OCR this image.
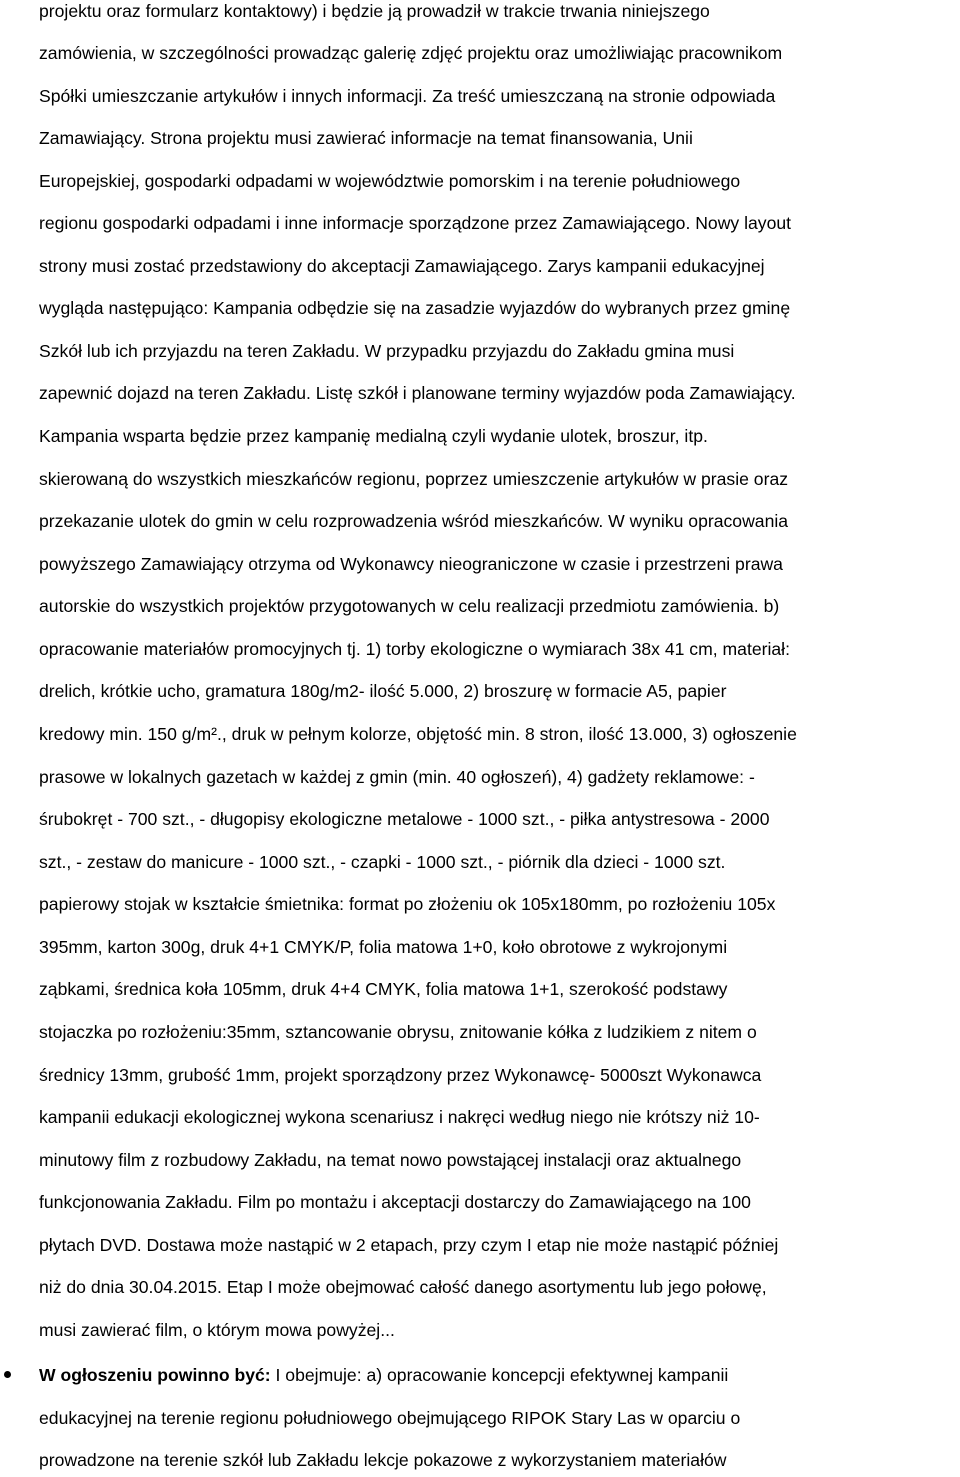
projektu oraz formularz kontaktowy) i będzie ją prowadził w trakcie trwania niniejszego
zamówienia, w szczególności prowadząc galerię zdjęć projektu oraz umożliwiając pracownikom
Spółki umieszczanie artykułów i innych informacji. Za treść umieszczaną na stronie odpowiada
Zamawiający. Strona projektu musi zawierać informacje na temat finansowania, Unii
Europejskiej, gospodarki odpadami w województwie pomorskim i na terenie południowego
regionu gospodarki odpadami i inne informacje sporządzone przez Zamawiającego. Nowy layout
strony musi zostać przedstawiony do akceptacji Zamawiającego. Zarys kampanii edukacyjnej
wygląda następująco: Kampania odbędzie się na zasadzie wyjazdów do wybranych przez gminę
Szkół lub ich przyjazdu na teren Zakładu. W przypadku przyjazdu do Zakładu gmina musi
zapewnić dojazd na teren Zakładu. Listę szkół i planowane terminy wyjazdów poda Zamawiający.
Kampania wsparta będzie przez kampanię medialną czyli wydanie ulotek, broszur, itp.
skierowaną do wszystkich mieszkańców regionu, poprzez umieszczenie artykułów w prasie oraz
przekazanie ulotek do gmin w celu rozprowadzenia wśród mieszkańców. W wyniku opracowania
powyższego Zamawiający otrzyma od Wykonawcy nieograniczone w czasie i przestrzeni prawa
autorskie do wszystkich projektów przygotowanych w celu realizacji przedmiotu zamówienia. b)
opracowanie materiałów promocyjnych tj. 1) torby ekologiczne o wymiarach 38x 41 cm, materiał:
drelich, krótkie ucho, gramatura 180g/m2- ilość 5.000, 2) broszurę w formacie A5, papier
kredowy min. 150 g/m²., druk w pełnym kolorze, objętość min. 8 stron, ilość 13.000, 3) ogłoszenie
prasowe w lokalnych gazetach w każdej z gmin (min. 40 ogłoszeń), 4) gadżety reklamowe: -
śrubokręt - 700 szt., - długopisy ekologiczne metalowe - 1000 szt., - piłka antystresowa - 2000
szt., - zestaw do manicure - 1000 szt., - czapki - 1000 szt., - piórnik dla dzieci - 1000 szt.
papierowy stojak w kształcie śmietnika: format po złożeniu ok 105x180mm, po rozłożeniu 105x
395mm, karton 300g, druk 4+1 CMYK/P, folia matowa 1+0, koło obrotowe z wykrojonymi
ząbkami, średnica koła 105mm, druk 4+4 CMYK, folia matowa 1+1, szerokość podstawy
stojaczka po rozłożeniu:35mm, sztancowanie obrysu, znitowanie kółka z ludzikiem z nitem o
średnicy 13mm, grubość 1mm, projekt sporządzony przez Wykonawcę- 5000szt Wykonawca
kampanii edukacji ekologicznej wykona scenariusz i nakręci według niego nie krótszy niż 10-
minutowy film z rozbudowy Zakładu, na temat nowo powstającej instalacji oraz aktualnego
funkcjonowania Zakładu. Film po montażu i akceptacji dostarczy do Zamawiającego na 100
płytach DVD. Dostawa może nastąpić w 2 etapach, przy czym I etap nie może nastąpić później
niż do dnia 30.04.2015. Etap I może obejmować całość danego asortymentu lub jego połowę,
musi zawierać film, o którym mowa powyżej...
W ogłoszeniu powinno być: I obejmuje: a) opracowanie koncepcji efektywnej kampanii
edukacyjnej na terenie regionu południowego obejmującego RIPOK Stary Las w oparciu o
prowadzone na terenie szkół lub Zakładu lekcje pokazowe z wykorzystaniem materiałów
